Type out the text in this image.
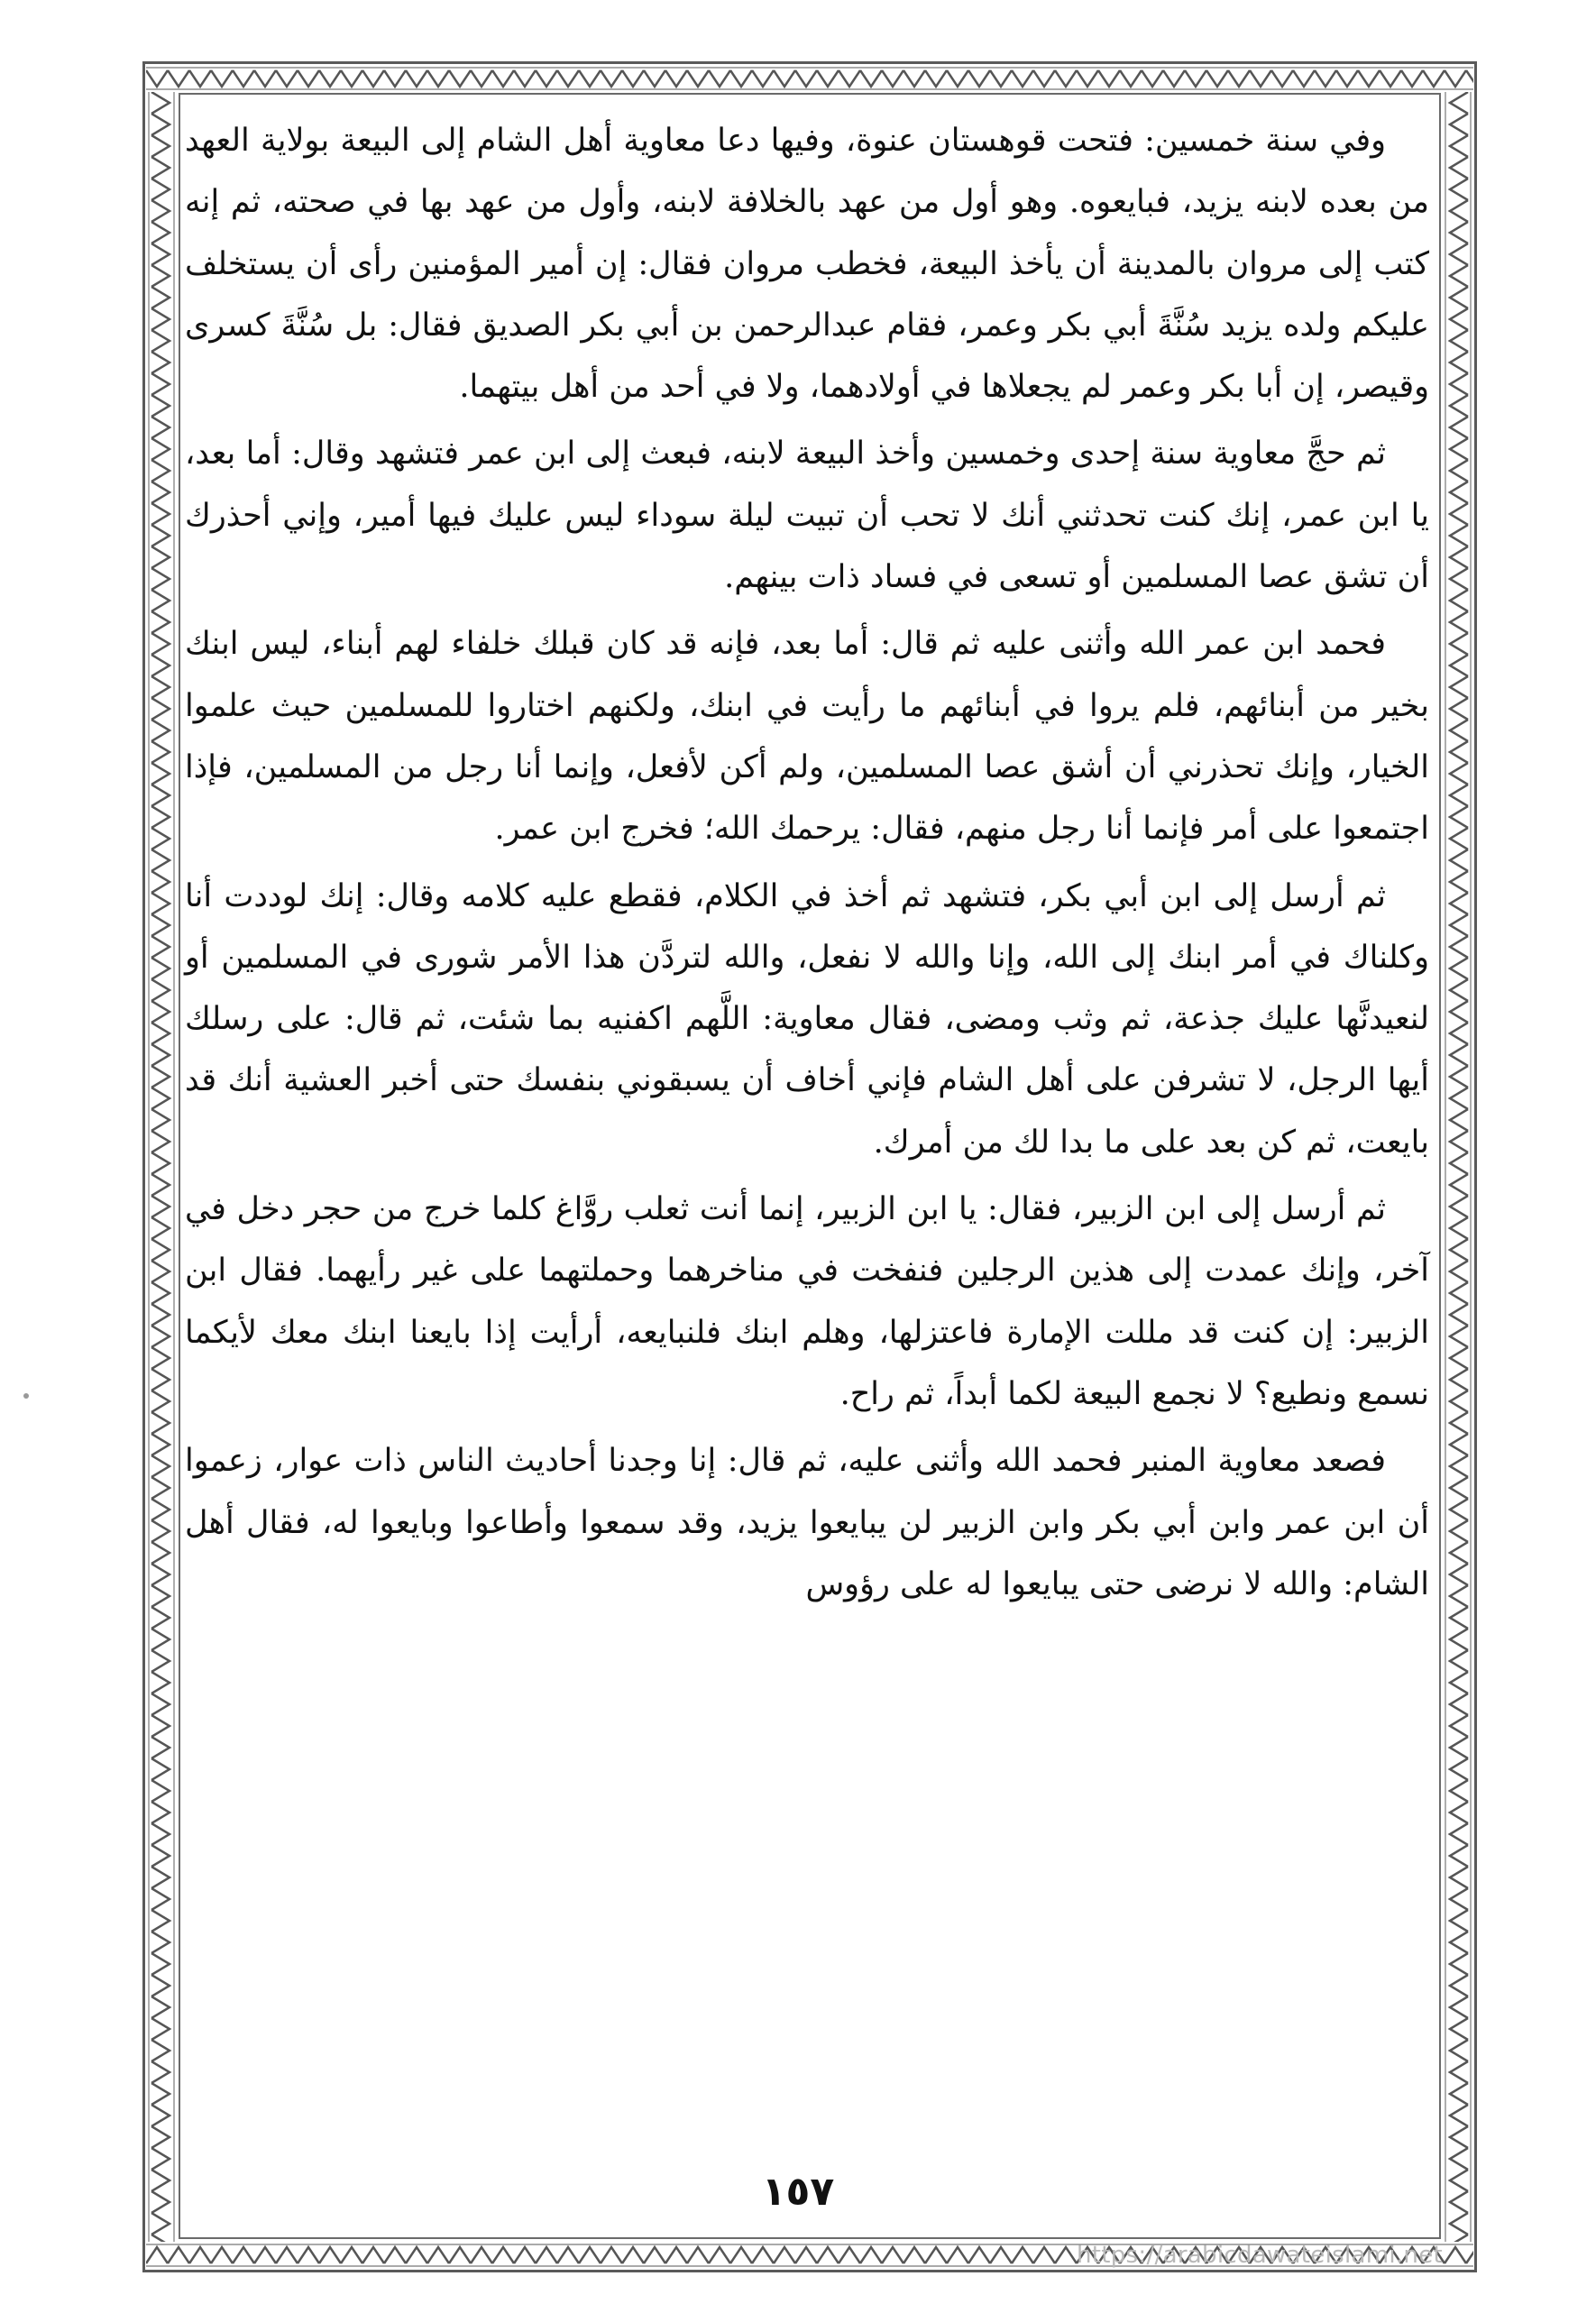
وفي سنة خمسين: فتحت قوهستان عنوة، وفيها دعا معاوية أهل الشام إلى البيعة بولاية العهد من بعده لابنه يزيد، فبايعوه. وهو أول من عهد بالخلافة لابنه، وأول من عهد بها في صحته، ثم إنه كتب إلى مروان بالمدينة أن يأخذ البيعة، فخطب مروان فقال: إن أمير المؤمنين رأى أن يستخلف عليكم ولده يزيد سُنَّةَ أبي بكر وعمر، فقام عبدالرحمن بن أبي بكر الصديق فقال: بل سُنَّةَ كسرى وقيصر، إن أبا بكر وعمر لم يجعلاها في أولادهما، ولا في أحد من أهل بيتهما.

ثم حجَّ معاوية سنة إحدى وخمسين وأخذ البيعة لابنه، فبعث إلى ابن عمر فتشهد وقال: أما بعد، يا ابن عمر، إنك كنت تحدثني أنك لا تحب أن تبيت ليلة سوداء ليس عليك فيها أمير، وإني أحذرك أن تشق عصا المسلمين أو تسعى في فساد ذات بينهم.

فحمد ابن عمر الله وأثنى عليه ثم قال: أما بعد، فإنه قد كان قبلك خلفاء لهم أبناء، ليس ابنك بخير من أبنائهم، فلم يروا في أبنائهم ما رأيت في ابنك، ولكنهم اختاروا للمسلمين حيث علموا الخيار، وإنك تحذرني أن أشق عصا المسلمين، ولم أكن لأفعل، وإنما أنا رجل من المسلمين، فإذا اجتمعوا على أمر فإنما أنا رجل منهم، فقال: يرحمك الله؛ فخرج ابن عمر.

ثم أرسل إلى ابن أبي بكر، فتشهد ثم أخذ في الكلام، فقطع عليه كلامه وقال: إنك لوددت أنا وكلناك في أمر ابنك إلى الله، وإنا والله لا نفعل، والله لتردَّن هذا الأمر شورى في المسلمين أو لنعيدنَّها عليك جذعة، ثم وثب ومضى، فقال معاوية: اللَّهم اكفنيه بما شئت، ثم قال: على رسلك أيها الرجل، لا تشرفن على أهل الشام فإني أخاف أن يسبقوني بنفسك حتى أخبر العشية أنك قد بايعت، ثم كن بعد على ما بدا لك من أمرك.

ثم أرسل إلى ابن الزبير، فقال: يا ابن الزبير، إنما أنت ثعلب روَّاغ كلما خرج من حجر دخل في آخر، وإنك عمدت إلى هذين الرجلين فنفخت في مناخرهما وحملتهما على غير رأيهما. فقال ابن الزبير: إن كنت قد مللت الإمارة فاعتزلها، وهلم ابنك فلنبايعه، أرأيت إذا بايعنا ابنك معك لأيكما نسمع ونطيع؟ لا نجمع البيعة لكما أبداً، ثم راح.

فصعد معاوية المنبر فحمد الله وأثنى عليه، ثم قال: إنا وجدنا أحاديث الناس ذات عوار، زعموا أن ابن عمر وابن أبي بكر وابن الزبير لن يبايعوا يزيد، وقد سمعوا وأطاعوا وبايعوا له، فقال أهل الشام: والله لا نرضى حتى يبايعوا له على رؤوس

١٥٧
https://arabicdawateislami.net
